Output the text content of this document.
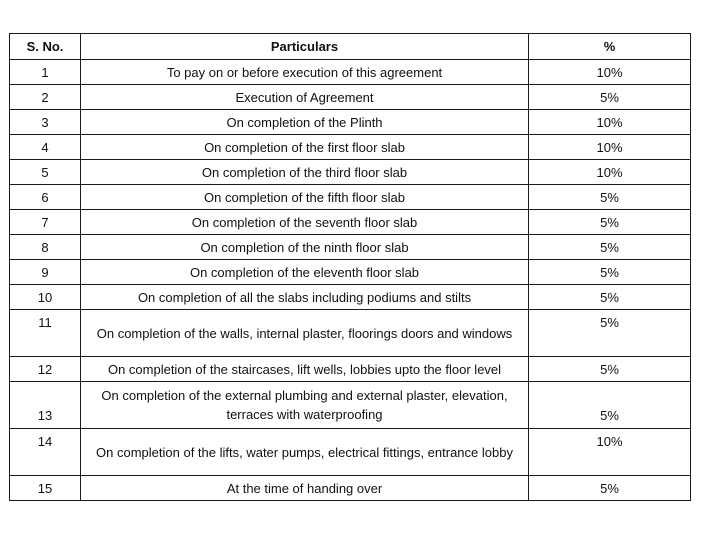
S. No.	Particulars	%
1	To pay on or before execution of this agreement	10%
2	Execution of Agreement	5%
3	On completion of the Plinth	10%
4	On completion of the first floor slab	10%
5	On completion of the third floor slab	10%
6	On completion of the fifth floor slab	5%
7	On completion of the seventh floor slab	5%
8	On completion of the ninth floor slab	5%
9	On completion of the eleventh floor slab	5%
10	On completion of all the slabs including podiums and stilts	5%
11	On completion of the walls, internal plaster, floorings doors and windows	5%
12	On completion of the staircases, lift wells, lobbies upto the floor level	5%
13	On completion of the external plumbing and external plaster, elevation, terraces with waterproofing	5%
14	On completion of the lifts, water pumps, electrical fittings, entrance lobby	10%
15	At the time of handing over	5%
